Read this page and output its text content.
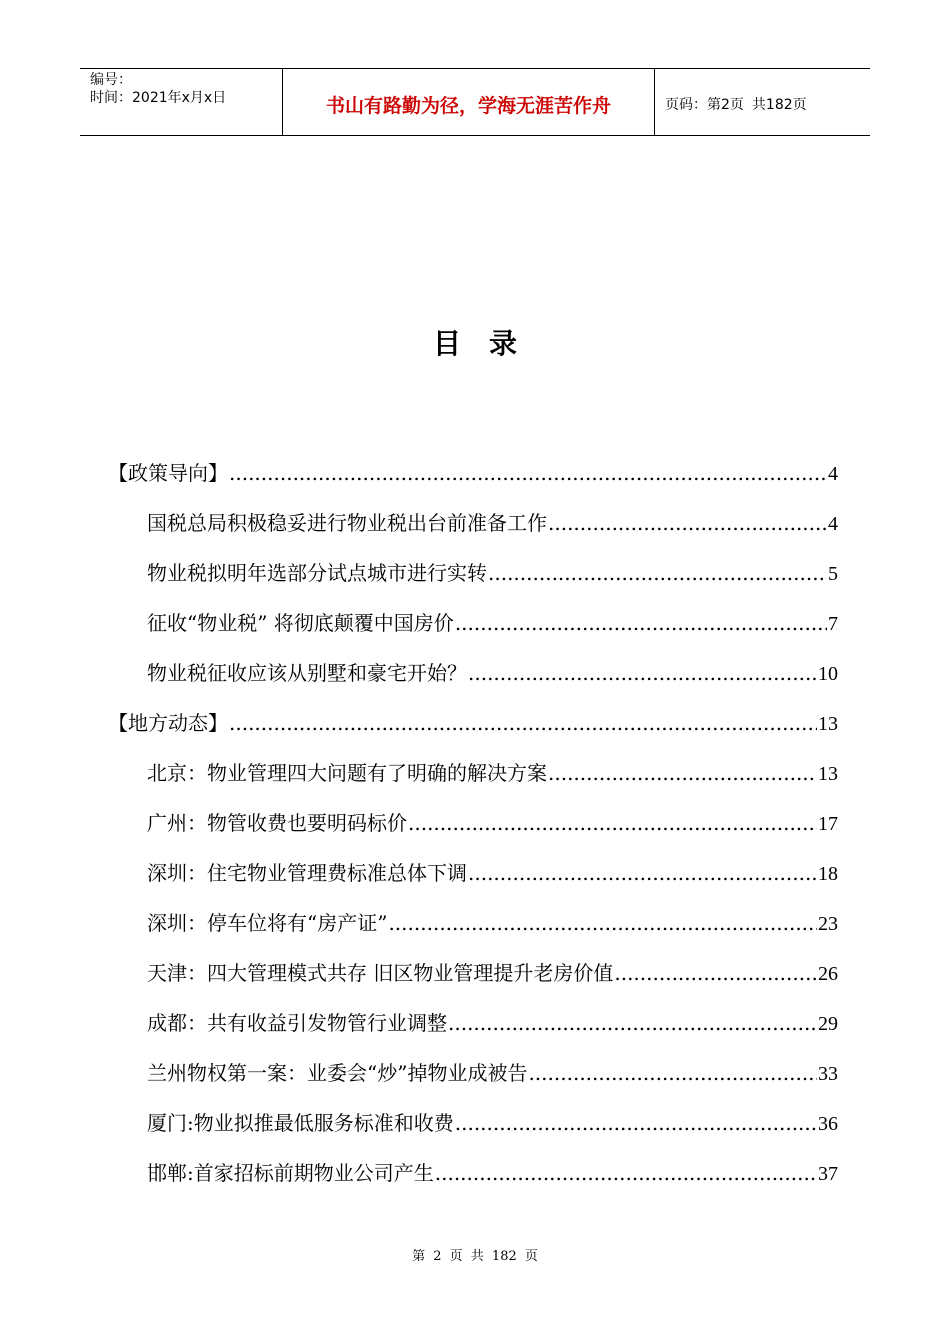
编号：
时间：2021年x月x日	书山有路勤为径，学海无涯苦作舟	页码：第2页 共182页
目录
【政策导向】 .....	4
国税总局积极稳妥进行物业税出台前准备工作 .....	4
物业税拟明年选部分试点城市进行实转 .....	5
征收“物业税” 将彻底颠覆中国房价 .....	7
物业税征收应该从别墅和豪宅开始？ .....	10
【地方动态】 .....	13
北京：物业管理四大问题有了明确的解决方案 .....	13
广州：物管收费也要明码标价 .....	17
深圳：住宅物业管理费标准总体下调 .....	18
深圳：停车位将有“房产证” .....	23
天津：四大管理模式共存 旧区物业管理提升老房价值 .....	26
成都：共有收益引发物管行业调整 .....	29
兰州物权第一案：业委会“炒”掉物业成被告 .....	33
厦门:物业拟推最低服务标准和收费 .....	36
邯郸:首家招标前期物业公司产生 .....	37
第 2 页 共 182 页
